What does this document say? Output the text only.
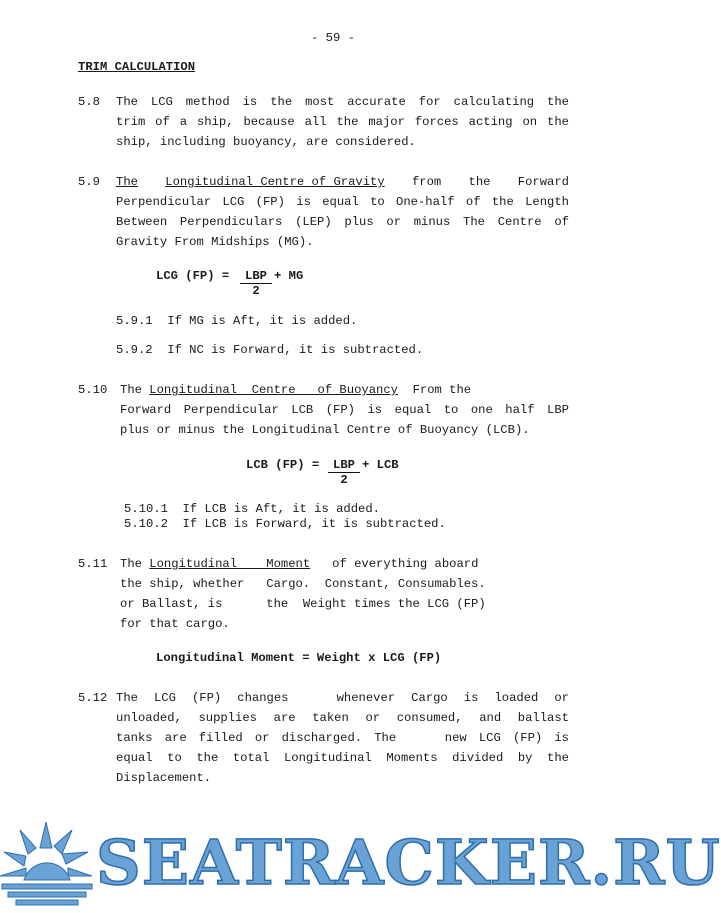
- 59 -
TRIM CALCULATION
5.8 The LCG method is the most accurate for calculating the
trim of a ship, because all the major forces acting on the
ship, including buoyancy, are considered.
5.9 The Longitudinal Centre of Gravity from the Forward
Perpendicular LCG (FP) is equal to One-half of the Length
Between Perpendiculars (LEP) plus or minus The Centre of
Gravity From Midships (MG).
LCG (FP) =	LBP
2
+ MG
5.9.1  If MG is Aft, it is added.
5.9.2  If NC is Forward, it is subtracted.
5.10 The Longitudinal  Centre   of Buoyancy  From the
Forward Perpendicular LCB (FP) is equal to one half LBP
plus or minus the Longitudinal Centre of Buoyancy (LCB).
LCB (FP) =	LBP
2
+ LCB
5.10.1  If LCB is Aft, it is added.
5.10.2  If LCB is Forward, it is subtracted.
5.11 The Longitudinal    Moment   of everything aboard
the ship, whether   Cargo.  Constant, Consumables.
or Ballast, is      the  Weight times the LCG (FP)
for that cargo.
Longitudinal Moment = Weight x LCG (FP)
5.12 The LCG (FP) changes   whenever Cargo is loaded or
unloaded, supplies are taken or consumed, and ballast
tanks are filled or discharged. The    new LCG (FP) is
equal to the total Longitudinal Moments divided by the
Displacement.
SEATRACKER.RU
